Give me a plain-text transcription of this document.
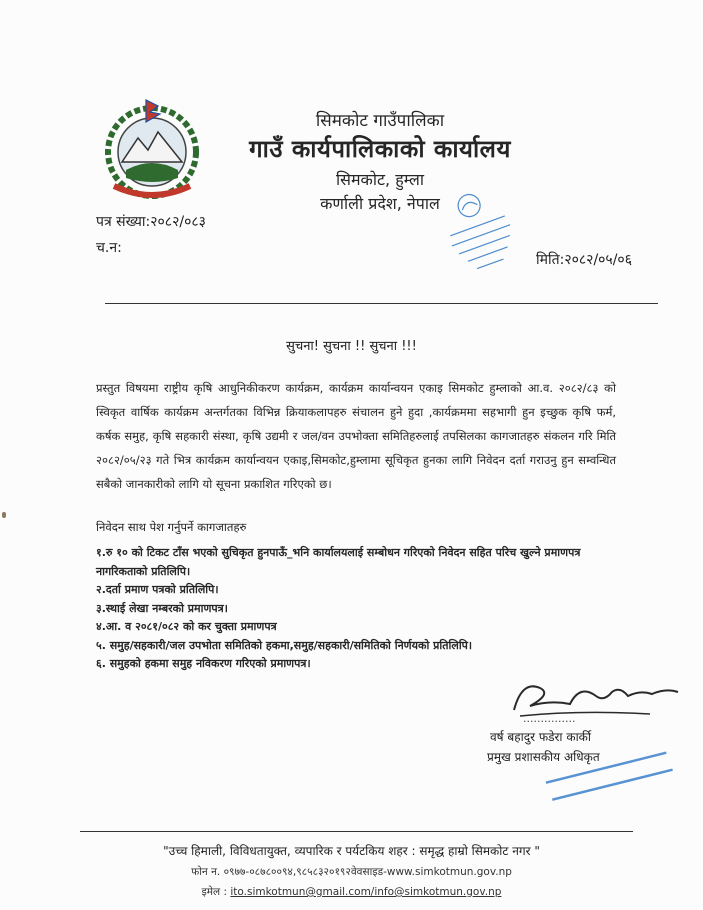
सिमकोट गाउँपालिका
गाउँ कार्यपालिकाको कार्यालय
सिमकोट, हुम्ला
कर्णाली प्रदेश, नेपाल
पत्र संख्या:२०८२/०८३
च.न:
मिति:२०८२/०५/०६
सुचना! सुचना !! सुचना !!!
प्रस्तुत विषयमा राष्ट्रीय कृषि आधुनिकीकरण कार्यक्रम, कार्यक्रम कार्यान्वयन एकाइ सिमकोट हुम्लाको आ.व. २०८२/८३ को स्विकृत वार्षिक कार्यक्रम अन्तर्गतका विभिन्न क्रियाकलापहरु संचालन हुने हुदा ,कार्यक्रममा सहभागी हुन इच्छुक कृषि फर्म, कर्षक समुह, कृषि सहकारी संस्था, कृषि उद्यमी र जल/वन उपभोक्ता समितिहरुलाई तपसिलका कागजातहरु संकलन गरि मिति २०८२/०५/२३ गते भित्र कार्यक्रम कार्यान्वयन एकाइ,सिमकोट,हुम्लामा सूचिकृत हुनका लागि निवेदन दर्ता गराउनु हुन सम्वन्धित सबैको जानकारीको लागि यो सूचना प्रकाशित गरिएको छ।
निवेदन साथ पेश गर्नुपर्ने कागजातहरु
१.रु १० को टिकट टाँस भएको सुचिकृत हुनपाऊँ_भनि कार्यालयलाई सम्बोधन गरिएको निवेदन सहित परिच खुल्ने प्रमाणपत्र नागरिकताको प्रतिलिपि।
२.दर्ता प्रमाण पत्रको प्रतिलिपि।
३.स्थाई लेखा नम्बरको प्रमाणपत्र।
४.आ. व २०८१/०८२ को कर चुक्ता प्रमाणपत्र
५. समुह/सहकारी/जल उपभोता समितिको हकमा,समुह/सहकारी/समितिको निर्णयको प्रतिलिपि।
६. समुहको हकमा समुह नविकरण गरिएको प्रमाणपत्र।
...............
वर्ष बहादुर फडेरा कार्की
प्रमुख प्रशासकीय अधिकृत
"उच्च हिमाली, विविधतायुक्त, व्यपारिक र पर्यटकिय शहर : समृद्ध हाम्रो सिमकोट नगर "
फोन न. ०९७७-०८७८००९४,९८५८३२०१९२वेवसाइड-www.simkotmun.gov.np
इमेल : ito.simkotmun@gmail.com/info@simkotmun.gov.np
